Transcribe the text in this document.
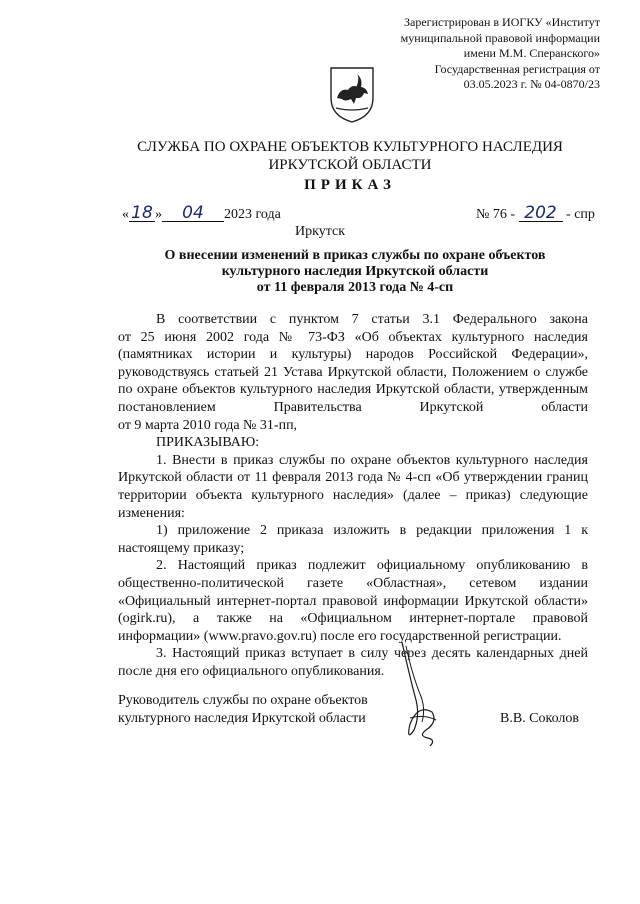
Зарегистрирован в ИОГКУ «Институт
муниципальной правовой информации
имени М.М. Сперанского»
Государственная регистрация от
03.05.2023 г. № 04-0870/23
СЛУЖБА ПО ОХРАНЕ ОБЪЕКТОВ КУЛЬТУРНОГО НАСЛЕДИЯ
ИРКУТСКОЙ ОБЛАСТИ
ПРИКАЗ
« 18 » 04 2023 года	№ 76 - 202 - спр
Иркутск
О внесении изменений в приказ службы по охране объектов
культурного наследия Иркутской области
от 11 февраля 2013 года № 4-сп
В соответствии с пунктом 7 статьи 3.1 Федерального закона
от 25 июня 2002 года № 73-ФЗ «Об объектах культурного наследия
(памятниках истории и культуры) народов Российской Федерации»,
руководствуясь статьей 21 Устава Иркутской области, Положением о службе
по охране объектов культурного наследия Иркутской области, утвержденным
постановлением Правительства Иркутской области
от 9 марта 2010 года № 31-пп,
ПРИКАЗЫВАЮ:
1. Внести в приказ службы по охране объектов культурного наследия
Иркутской области от 11 февраля 2013 года № 4-сп «Об утверждении границ
территории объекта культурного наследия» (далее – приказ) следующие
изменения:
1) приложение 2 приказа изложить в редакции приложения 1 к
настоящему приказу;
2. Настоящий приказ подлежит официальному опубликованию в
общественно-политической газете «Областная», сетевом издании
«Официальный интернет-портал правовой информации Иркутской области»
(ogirk.ru), а также на «Официальном интернет-портале правовой
информации» (www.pravo.gov.ru) после его государственной регистрации.
3. Настоящий приказ вступает в силу через десять календарных дней
после дня его официального опубликования.
Руководитель службы по охране объектов
культурного наследия Иркутской области	В.В. Соколов
